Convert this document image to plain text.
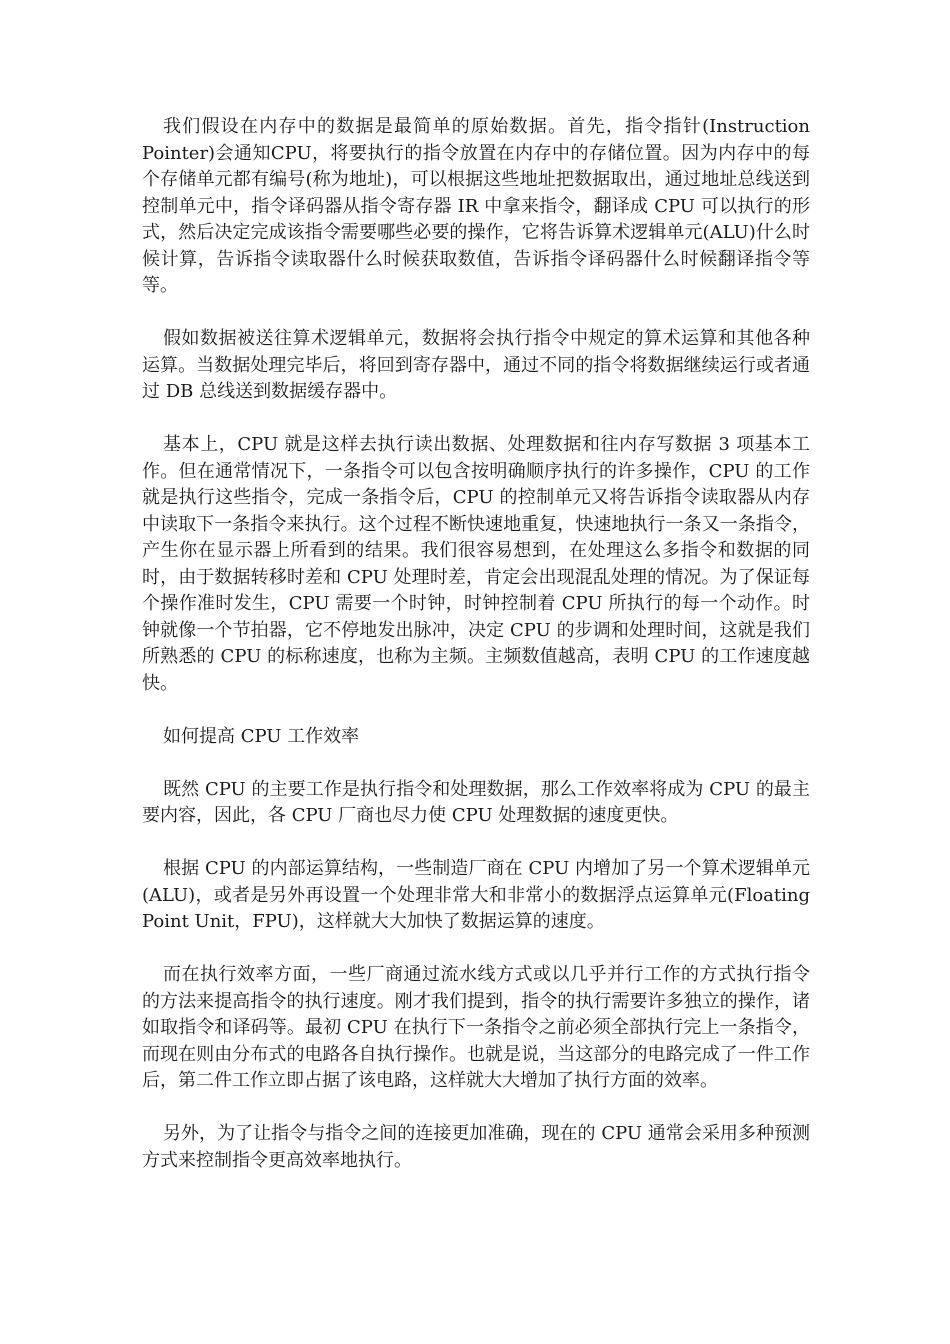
我们假设在内存中的数据是最简单的原始数据。首先，指令指针(Instruction Pointer)会通知CPU，将要执行的指令放置在内存中的存储位置。因为内存中的每个存储单元都有编号(称为地址)，可以根据这些地址把数据取出，通过地址总线送到控制单元中，指令译码器从指令寄存器 IR 中拿来指令，翻译成 CPU 可以执行的形式，然后决定完成该指令需要哪些必要的操作，它将告诉算术逻辑单元(ALU)什么时候计算，告诉指令读取器什么时候获取数值，告诉指令译码器什么时候翻译指令等等。

假如数据被送往算术逻辑单元，数据将会执行指令中规定的算术运算和其他各种运算。当数据处理完毕后，将回到寄存器中，通过不同的指令将数据继续运行或者通过 DB 总线送到数据缓存器中。

基本上，CPU 就是这样去执行读出数据、处理数据和往内存写数据 3 项基本工作。但在通常情况下，一条指令可以包含按明确顺序执行的许多操作，CPU 的工作就是执行这些指令，完成一条指令后，CPU 的控制单元又将告诉指令读取器从内存中读取下一条指令来执行。这个过程不断快速地重复，快速地执行一条又一条指令，产生你在显示器上所看到的结果。我们很容易想到，在处理这么多指令和数据的同时，由于数据转移时差和 CPU 处理时差，肯定会出现混乱处理的情况。为了保证每个操作准时发生，CPU 需要一个时钟，时钟控制着 CPU 所执行的每一个动作。时钟就像一个节拍器，它不停地发出脉冲，决定 CPU 的步调和处理时间，这就是我们所熟悉的 CPU 的标称速度，也称为主频。主频数值越高，表明 CPU 的工作速度越快。

如何提高 CPU 工作效率

既然 CPU 的主要工作是执行指令和处理数据，那么工作效率将成为 CPU 的最主要内容，因此，各 CPU 厂商也尽力使 CPU 处理数据的速度更快。

根据 CPU 的内部运算结构，一些制造厂商在 CPU 内增加了另一个算术逻辑单元(ALU)，或者是另外再设置一个处理非常大和非常小的数据浮点运算单元(Floating Point Unit，FPU)，这样就大大加快了数据运算的速度。

而在执行效率方面，一些厂商通过流水线方式或以几乎并行工作的方式执行指令的方法来提高指令的执行速度。刚才我们提到，指令的执行需要许多独立的操作，诸如取指令和译码等。最初 CPU 在执行下一条指令之前必须全部执行完上一条指令，而现在则由分布式的电路各自执行操作。也就是说，当这部分的电路完成了一件工作后，第二件工作立即占据了该电路，这样就大大增加了执行方面的效率。

另外，为了让指令与指令之间的连接更加准确，现在的 CPU 通常会采用多种预测方式来控制指令更高效率地执行。
